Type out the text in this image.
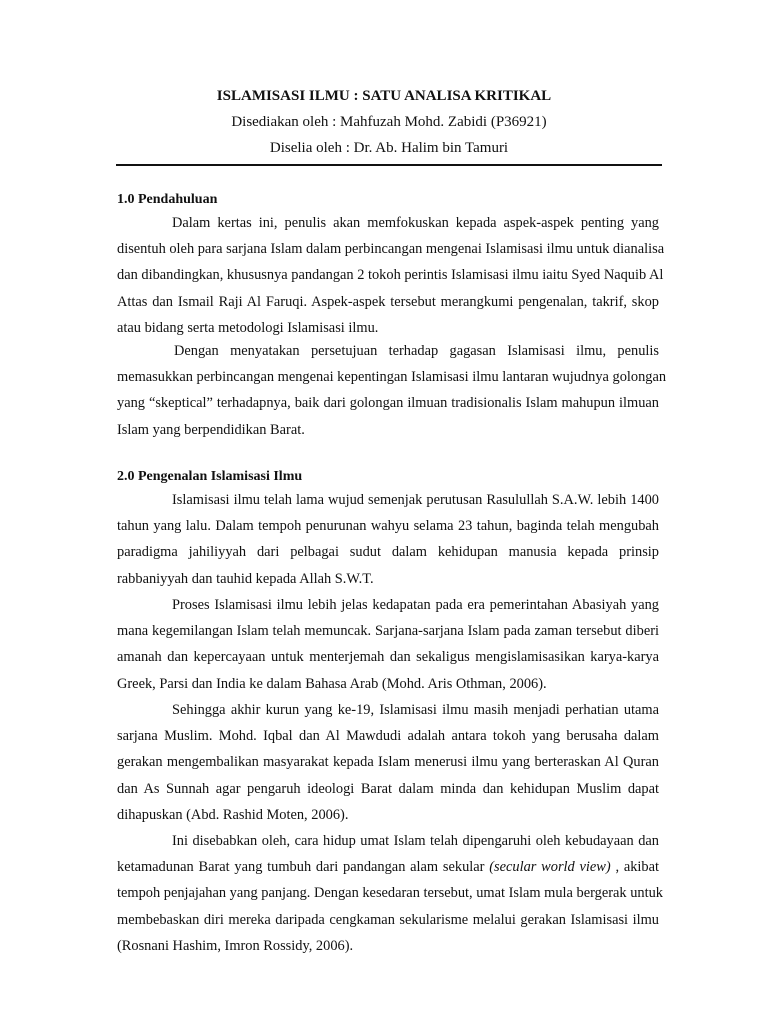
ISLAMISASI ILMU : SATU ANALISA KRITIKAL
Disediakan oleh : Mahfuzah Mohd. Zabidi (P36921)
Diselia oleh : Dr. Ab. Halim bin Tamuri
1.0 Pendahuluan
Dalam kertas ini, penulis akan memfokuskan kepada aspek-aspek penting yang
disentuh oleh para sarjana Islam dalam perbincangan mengenai Islamisasi ilmu untuk dianalisa
dan dibandingkan, khususnya pandangan 2 tokoh perintis Islamisasi ilmu iaitu Syed Naquib Al
Attas dan Ismail Raji Al Faruqi. Aspek-aspek tersebut merangkumi pengenalan, takrif, skop
atau bidang serta metodologi Islamisasi ilmu.
Dengan menyatakan persetujuan terhadap gagasan Islamisasi ilmu, penulis
memasukkan perbincangan mengenai kepentingan Islamisasi ilmu lantaran wujudnya golongan
yang “skeptical” terhadapnya, baik dari golongan ilmuan tradisionalis Islam mahupun ilmuan
Islam yang berpendidikan Barat.
2.0 Pengenalan Islamisasi Ilmu
Islamisasi ilmu telah lama wujud semenjak perutusan Rasulullah S.A.W. lebih 1400
tahun yang lalu. Dalam tempoh penurunan wahyu selama 23 tahun, baginda telah mengubah
paradigma jahiliyyah dari pelbagai sudut dalam kehidupan manusia kepada prinsip
rabbaniyyah dan tauhid kepada Allah S.W.T.
Proses Islamisasi ilmu lebih jelas kedapatan pada era pemerintahan Abasiyah yang
mana kegemilangan Islam telah memuncak. Sarjana-sarjana Islam pada zaman tersebut diberi
amanah dan kepercayaan untuk menterjemah dan sekaligus mengislamisasikan karya-karya
Greek, Parsi dan India ke dalam Bahasa Arab (Mohd. Aris Othman, 2006).
Sehingga akhir kurun yang ke-19, Islamisasi ilmu masih menjadi perhatian utama
sarjana Muslim. Mohd. Iqbal dan Al Mawdudi adalah antara tokoh yang berusaha dalam
gerakan mengembalikan masyarakat kepada Islam menerusi ilmu yang berteraskan Al Quran
dan As Sunnah agar pengaruh ideologi Barat dalam minda dan kehidupan Muslim dapat
dihapuskan (Abd. Rashid Moten, 2006).
Ini disebabkan oleh, cara hidup umat Islam telah dipengaruhi oleh kebudayaan dan
ketamadunan Barat yang tumbuh dari pandangan alam sekular (secular world view) , akibat
tempoh penjajahan yang panjang. Dengan kesedaran tersebut, umat Islam mula bergerak untuk
membebaskan diri mereka daripada cengkaman sekularisme melalui gerakan Islamisasi ilmu
(Rosnani Hashim, Imron Rossidy, 2006).
